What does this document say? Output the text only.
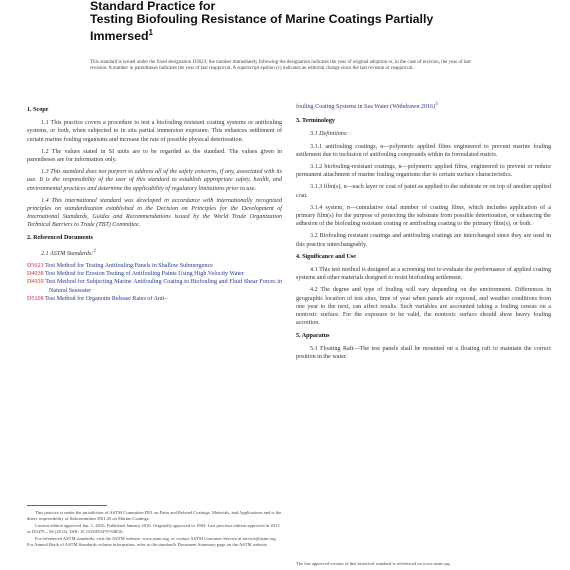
Standard Practice for
Testing Biofouling Resistance of Marine Coatings Partially
Immersed$^1$
This standard is issued under the fixed designation D3623; the number immediately following the designation indicates the year of original adoption or, in the case of revision, the year of last revision. A number in parentheses indicates the year of last reapproval. A superscript epsilon (ε) indicates an editorial change since the last revision or reapproval.
1. Scope
1.1 This practice covers a procedure to test a biofouling resistant coating systems or antifouling systems, or both, when subjected to in situ partial immersion exposure. This enhances settlement of certain marine fouling organisms and increase the rate of possible physical deterioration.
1.2 The values stated in SI units are to be regarded as the standard. The values given in parentheses are for information only.
1.3 This standard does not purport to address all of the safety concerns, if any, associated with its use. It is the responsibility of the user of this standard to establish appropriate safety, health, and environmental practices and determine the applicability of regulatory limitations prior to use.
1.4 This international standard was developed in accordance with internationally recognized principles on standardization established in the Decision on Principles for the Development of International Standards, Guides and Recommendations issued by the World Trade Organization Technical Barriers to Trade (TBT) Committee.
2. Referenced Documents
2.1 ASTM Standards:$^2$
D3623 Test Method for Testing Antifouling Panels in Shallow Submergence
D4938 Test Method for Erosion Testing of Antifouling Paints Using High Velocity Water
D4939 Test Method for Subjecting Marine Antifouling Coating to Biofouling and Fluid Shear Forces in Natural Seawater
D5108 Test Method for Organotin Release Rates of Anti-

This practice is under the jurisdiction of ASTM Committee D01 on Paint and Related Coatings, Materials, and Applications and is the direct responsibility of Subcommittee D01.45 on Marine Coatings.

Current edition approved Jan. 1, 2016. Published January 2016. Originally approved in 1984. Last previous edition approved in 2013 as D5479 – 94 (2013). DOI: 10.1520/D5479-94R16.

For referenced ASTM standards, visit the ASTM website, www.astm.org, or contact ASTM Customer Service at service@astm.org. For Annual Book of ASTM Standards volume information, refer to the standard's Document Summary page on the ASTM website.

fouling Coating Systems in Sea Water (Withdrawn 2016)$^3$
3. Terminology
3.1 Definitions:
3.1.1 antifouling coatings, n—polymeric applied films engineered to prevent marine fouling settlement due to inclusion of antifouling compounds within its formulated matrix.
3.1.2 biofouling-resistant coatings, n—polymeric applied films, engineered to prevent or reduce permanent attachment of marine fouling organisms due to certain surface characteristics.
3.1.3 film(s), n—each layer or coat of paint as applied to the substrate or on top of another applied coat.
3.1.4 system, n—cumulative total number of coating films, which includes application of a primary film(s) for the purpose of protecting the substrate from possible deterioration, or enhancing the adhesion of the biofouling resistant coating or antifouling coating to the primary film(s), or both.
3.2 Biofouling resistant coatings and antifouling coatings are interchanged since they are used in this practice interchangeably.
4. Significance and Use
4.1 This test method is designed as a screening test to evaluate the performance of applied coating systems and other materials designed to resist biofouling settlement.
4.2 The degree and type of fouling will vary depending on the environment. Differences in geographic location of test sites, time of year when panels are exposed, and weather conditions from one year to the next, can affect results. Such variables are accounted taking a fouling census on a nontoxic surface. For the exposure to be valid, the nontoxic surface should show heavy fouling accretion.
5. Apparatus
5.1 Floating Raft—The test panels shall be mounted on a floating raft to maintain the correct position in the water.
The last approved version of this historical standard is referenced on www.astm.org.
